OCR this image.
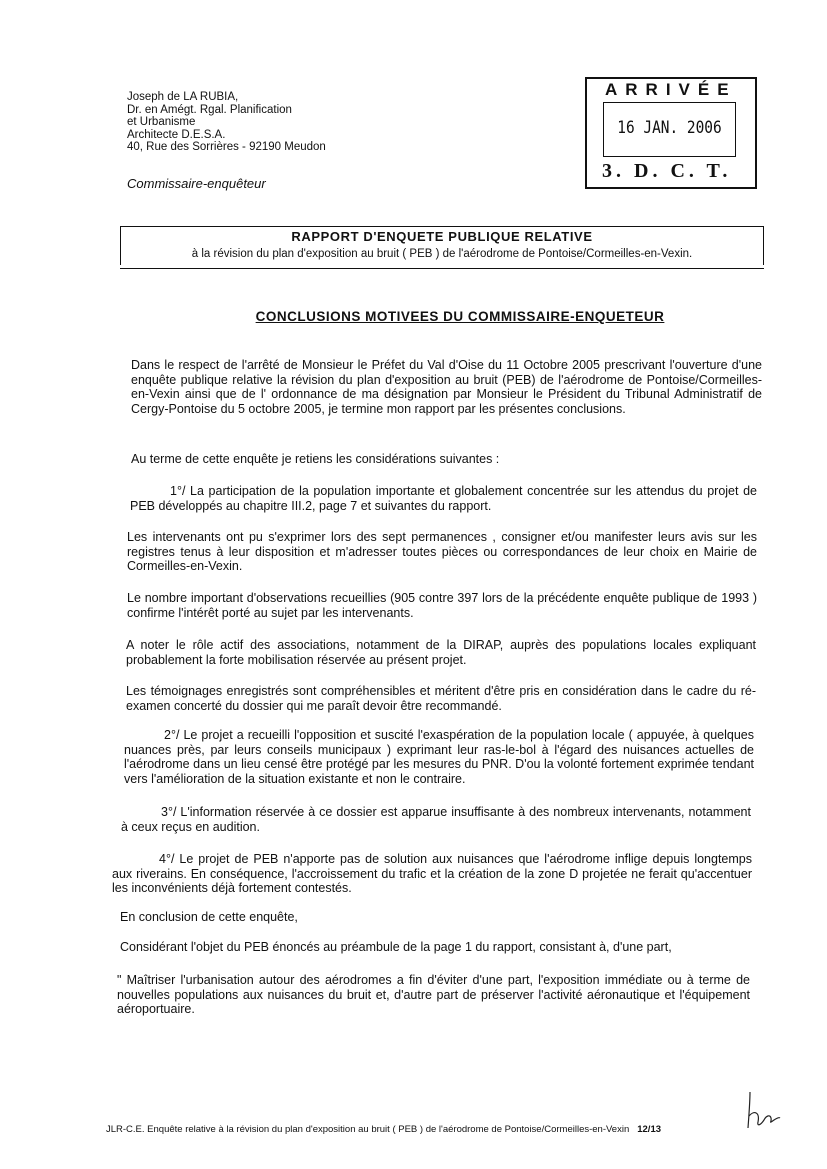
Joseph de LA RUBIA,
Dr. en Amégt. Rgal. Planification
et Urbanisme
Architecte D.E.S.A.
40, Rue des Sorrières - 92190 Meudon
Commissaire-enquêteur
ARRIVÉE
16 JAN. 2006
3. D. C. T.
RAPPORT D'ENQUETE PUBLIQUE RELATIVE
à la révision du plan d'exposition au bruit ( PEB ) de l'aérodrome de Pontoise/Cormeilles-en-Vexin.
CONCLUSIONS MOTIVEES DU COMMISSAIRE-ENQUETEUR
Dans le respect de l'arrêté de Monsieur le Préfet du Val d'Oise du 11 Octobre 2005 prescrivant l'ouverture d'une enquête publique relative la révision du plan d'exposition au bruit (PEB) de l'aérodrome de Pontoise/Cormeilles-en-Vexin ainsi que de l' ordonnance de ma désignation par Monsieur le Président du Tribunal Administratif de Cergy-Pontoise du 5 octobre 2005, je termine mon rapport par les présentes conclusions.
Au terme de cette enquête je retiens les considérations suivantes :
1°/ La participation de la population importante et globalement concentrée sur les attendus du projet de PEB développés au chapitre III.2, page 7 et suivantes du rapport.
Les intervenants ont pu s'exprimer lors des sept permanences , consigner et/ou manifester leurs avis sur les registres tenus à leur disposition et m'adresser toutes pièces ou correspondances de leur choix en Mairie de Cormeilles-en-Vexin.
Le nombre important d'observations recueillies (905 contre 397 lors de la précédente enquête publique de 1993 ) confirme l'intérêt porté au sujet par les intervenants.
A noter le rôle actif des associations, notamment de la DIRAP, auprès des populations locales expliquant probablement la forte mobilisation réservée au présent projet.
Les témoignages enregistrés sont compréhensibles et méritent d'être pris en considération dans le cadre du ré-examen concerté du dossier qui me paraît devoir être recommandé.
2°/ Le projet a recueilli l'opposition et suscité l'exaspération de la population locale ( appuyée, à quelques nuances près, par leurs conseils municipaux ) exprimant leur ras-le-bol à l'égard des nuisances actuelles de l'aérodrome dans un lieu censé être protégé par les mesures du PNR. D'ou la volonté fortement exprimée tendant vers l'amélioration de la situation existante et non le contraire.
3°/ L'information réservée à ce dossier est apparue insuffisante à des nombreux intervenants, notamment à ceux reçus en audition.
4°/ Le projet de PEB n'apporte pas de solution aux nuisances que l'aérodrome inflige depuis longtemps aux riverains. En conséquence, l'accroissement du trafic et la création de la zone D projetée ne ferait qu'accentuer les inconvénients déjà fortement contestés.
En conclusion de cette enquête,
Considérant l'objet du PEB énoncés au préambule de la page 1 du rapport, consistant à, d'une part,
" Maîtriser l'urbanisation autour des aérodromes a fin d'éviter d'une part, l'exposition immédiate ou à terme de nouvelles populations aux nuisances du bruit et, d'autre part de préserver l'activité aéronautique et l'équipement aéroportuaire.
JLR-C.E. Enquête relative à la révision du plan d'exposition au bruit ( PEB ) de l'aérodrome de Pontoise/Cormeilles-en-Vexin 12/13
